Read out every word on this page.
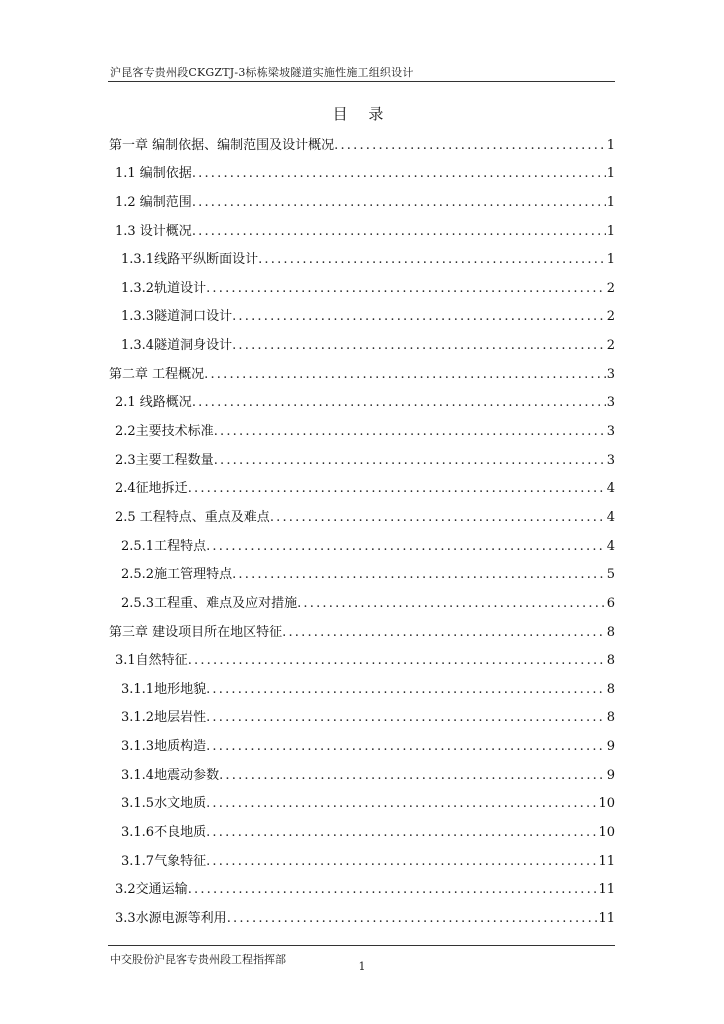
沪昆客专贵州段CKGZTJ-3标栋梁坡隧道实施性施工组织设计
目 录
第一章 编制依据、编制范围及设计概况 .....	1
1.1 编制依据 .....	1
1.2 编制范围 .....	1
1.3 设计概况 .....	1
1.3.1线路平纵断面设计 .....	1
1.3.2轨道设计 .....	2
1.3.3隧道洞口设计 .....	2
1.3.4隧道洞身设计 .....	2
第二章 工程概况 .....	3
2.1 线路概况 .....	3
2.2主要技术标准 .....	3
2.3主要工程数量 .....	3
2.4征地拆迁 .....	4
2.5 工程特点、重点及难点 .....	4
2.5.1工程特点 .....	4
2.5.2施工管理特点 .....	5
2.5.3工程重、难点及应对措施 .....	6
第三章 建设项目所在地区特征 .....	8
3.1自然特征 .....	8
3.1.1地形地貌 .....	8
3.1.2地层岩性 .....	8
3.1.3地质构造 .....	9
3.1.4地震动参数 .....	9
3.1.5水文地质 .....	10
3.1.6不良地质 .....	10
3.1.7气象特征 .....	11
3.2交通运输 .....	11
3.3水源电源等利用 .....	11
中交股份沪昆客专贵州段工程指挥部
1
